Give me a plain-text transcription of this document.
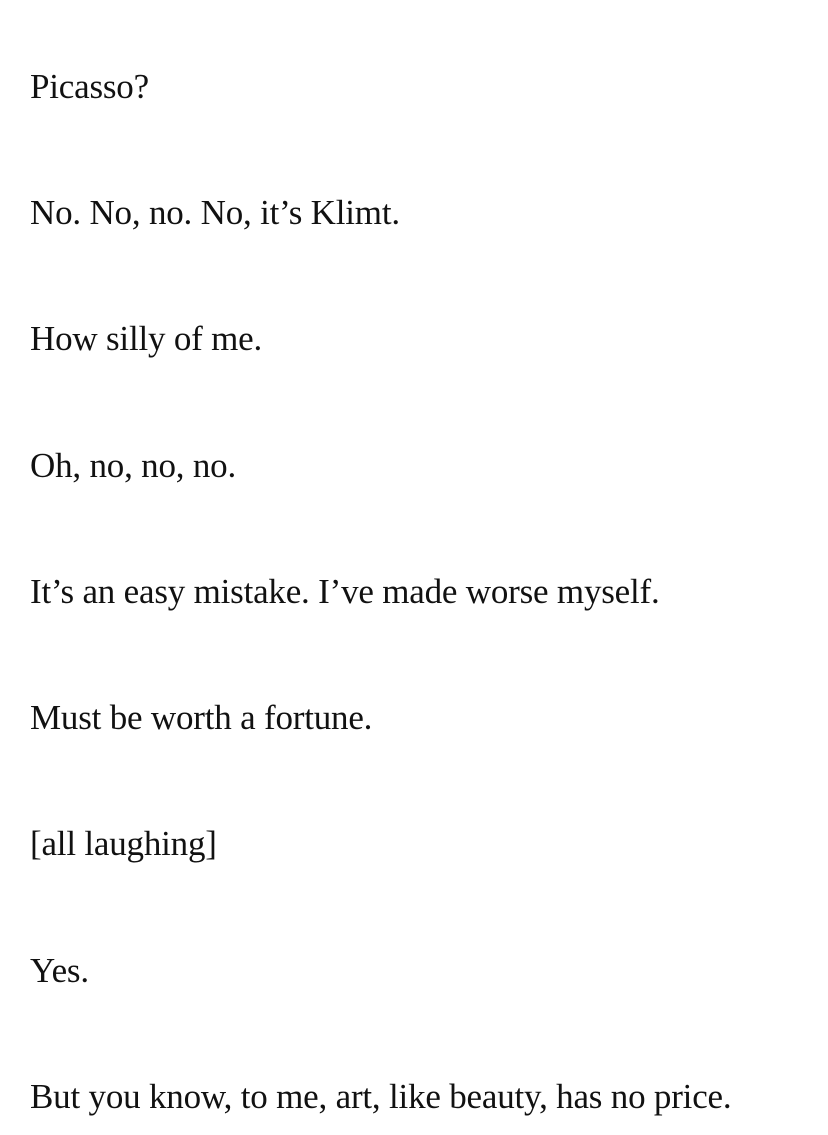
Picasso?

No. No, no. No, it’s Klimt.

How silly of me.

Oh, no, no, no.

It’s an easy mistake. I’ve made worse myself.

Must be worth a fortune.

[all laughing]

Yes.

But you know, to me, art, like beauty, has no price.
